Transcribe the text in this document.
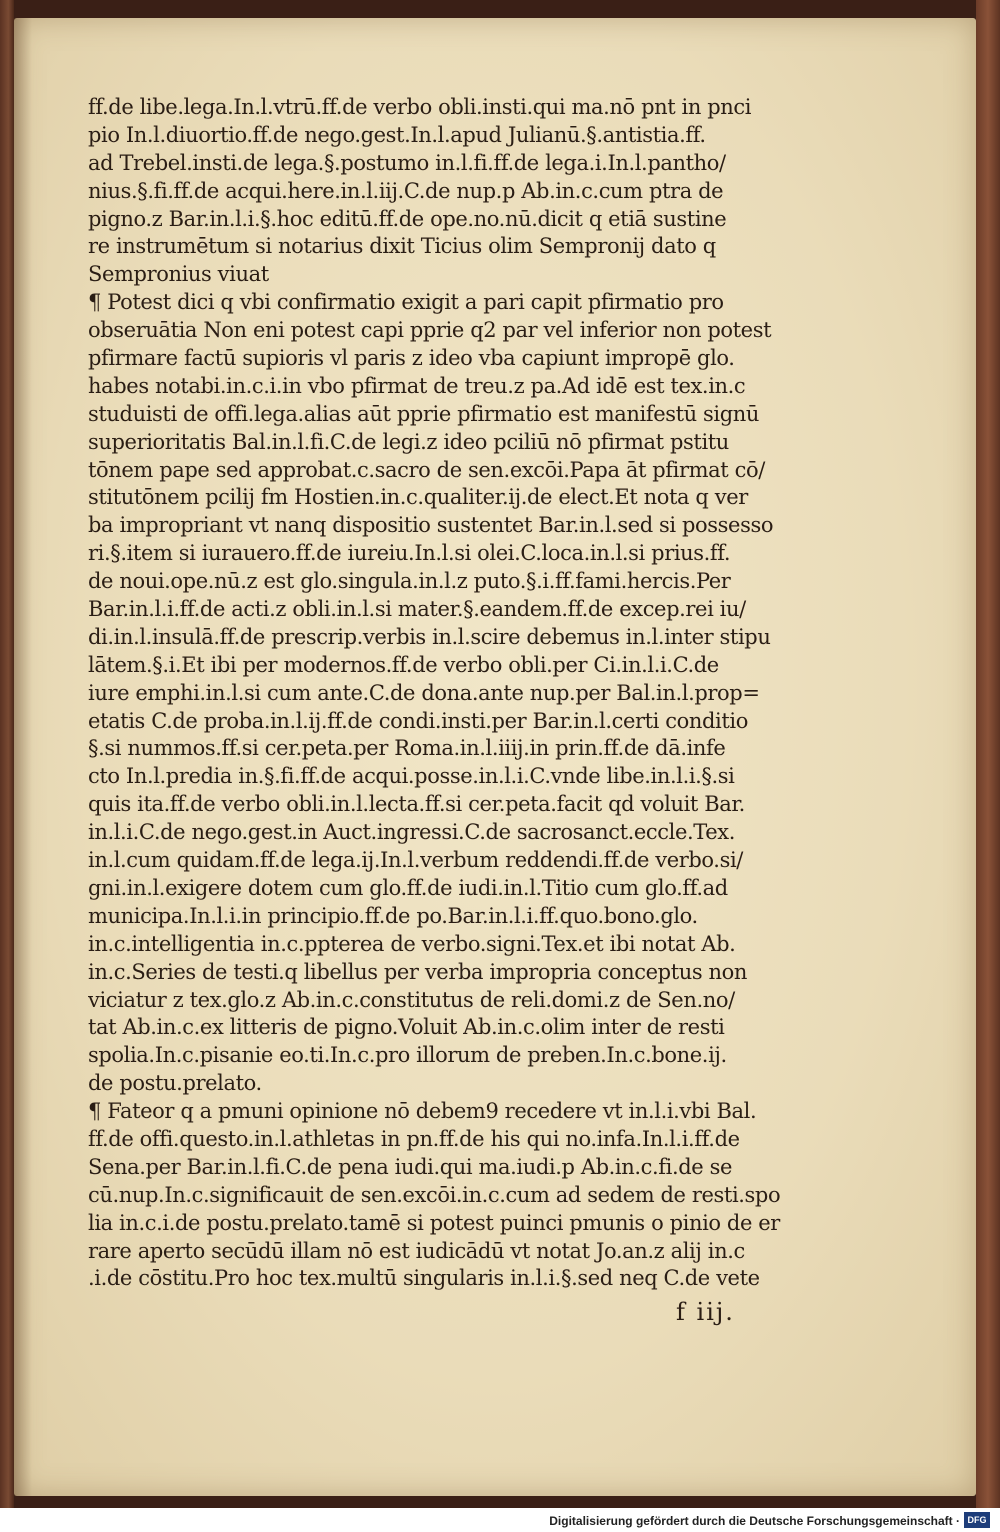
ff.de libe.lega.In.l.vtrū.ff.de verbo obli.insti.qui ma.nō pnt in pnci
pio In.l.diuortio.ff.de nego.gest.In.l.apud Julianū.§.antistia.ff.
ad Trebel.insti.de lega.§.postumo in.l.fi.ff.de lega.i.In.l.pantho/
nius.§.fi.ff.de acqui.here.in.l.iij.C.de nup.p Ab.in.c.cum ptra de
pigno.z Bar.in.l.i.§.hoc editū.ff.de ope.no.nū.dicit q etiā sustine
re instrumētum si notarius dixit Ticius olim Sempronij dato q
Sempronius viuat
¶ Potest dici q vbi confirmatio exigit a pari capit pfirmatio pro
obseruātia Non eni potest capi pprie q2 par vel inferior non potest
pfirmare factū supioris vl paris z ideo vba capiunt impropē glo.
habes notabi.in.c.i.in vbo pfirmat de treu.z pa.Ad idē est tex.in.c
studuisti de offi.lega.alias aūt pprie pfirmatio est manifestū signū
superioritatis Bal.in.l.fi.C.de legi.z ideo pciliū nō pfirmat pstitu
tōnem pape sed approbat.c.sacro de sen.excōi.Papa āt pfirmat cō/
stitutōnem pcilij fm Hostien.in.c.qualiter.ij.de elect.Et nota q ver
ba impropriant vt nanq dispositio sustentet Bar.in.l.sed si possesso
ri.§.item si iurauero.ff.de iureiu.In.l.si olei.C.loca.in.l.si prius.ff.
de noui.ope.nū.z est glo.singula.in.l.z puto.§.i.ff.fami.hercis.Per
Bar.in.l.i.ff.de acti.z obli.in.l.si mater.§.eandem.ff.de excep.rei iu/
di.in.l.insulā.ff.de prescrip.verbis in.l.scire debemus in.l.inter stipu
lātem.§.i.Et ibi per modernos.ff.de verbo obli.per Ci.in.l.i.C.de
iure emphi.in.l.si cum ante.C.de dona.ante nup.per Bal.in.l.prop=
etatis C.de proba.in.l.ij.ff.de condi.insti.per Bar.in.l.certi conditio
§.si nummos.ff.si cer.peta.per Roma.in.l.iiij.in prin.ff.de dā.infe
cto In.l.predia in.§.fi.ff.de acqui.posse.in.l.i.C.vnde libe.in.l.i.§.si
quis ita.ff.de verbo obli.in.l.lecta.ff.si cer.peta.facit qd voluit Bar.
in.l.i.C.de nego.gest.in Auct.ingressi.C.de sacrosanct.eccle.Tex.
in.l.cum quidam.ff.de lega.ij.In.l.verbum reddendi.ff.de verbo.si/
gni.in.l.exigere dotem cum glo.ff.de iudi.in.l.Titio cum glo.ff.ad
municipa.In.l.i.in principio.ff.de po.Bar.in.l.i.ff.quo.bono.glo.
in.c.intelligentia in.c.ppterea de verbo.signi.Tex.et ibi notat Ab.
in.c.Series de testi.q libellus per verba impropria conceptus non
viciatur z tex.glo.z Ab.in.c.constitutus de reli.domi.z de Sen.no/
tat Ab.in.c.ex litteris de pigno.Voluit Ab.in.c.olim inter de resti
spolia.In.c.pisanie eo.ti.In.c.pro illorum de preben.In.c.bone.ij.
de postu.prelato.
¶ Fateor q a pmuni opinione nō debem9 recedere vt in.l.i.vbi Bal.
ff.de offi.questo.in.l.athletas in pn.ff.de his qui no.infa.In.l.i.ff.de
Sena.per Bar.in.l.fi.C.de pena iudi.qui ma.iudi.p Ab.in.c.fi.de se
cū.nup.In.c.significauit de sen.excōi.in.c.cum ad sedem de resti.spo
lia in.c.i.de postu.prelato.tamē si potest puinci pmunis o pinio de er
rare aperto secūdū illam nō est iudicādū vt notat Jo.an.z alij in.c
.i.de cōstitu.Pro hoc tex.multū singularis in.l.i.§.sed neq C.de vete
f iij.
Digitalisierung gefördert durch die Deutsche Forschungsgemeinschaft · DFG
